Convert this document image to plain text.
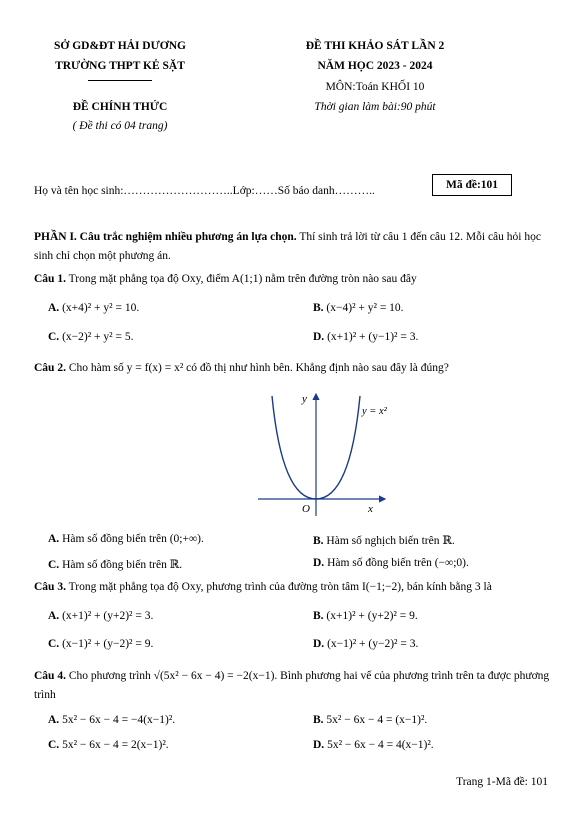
SỞ GD&ĐT HẢI DƯƠNG
TRƯỜNG THPT KẺ SẶT
ĐỀ CHÍNH THỨC
( Đề thi có 04 trang)
ĐỀ THI KHẢO SÁT LẦN 2
NĂM HỌC 2023 - 2024
MÔN:Toán KHỐI 10
Thời gian làm bài:90 phút
Họ và tên học sinh:………………………..Lớp:……Số báo danh………..	Mã đề:101
PHẦN I. Câu trắc nghiệm nhiều phương án lựa chọn. Thí sinh trả lời từ câu 1 đến câu 12. Mỗi câu hỏi học sinh chỉ chọn một phương án.
Câu 1. Trong mặt phẳng tọa độ Oxy, điểm A(1;1) nằm trên đường tròn nào sau đây
A. (x+4)² + y² = 10.	B. (x−4)² + y² = 10.
C. (x−2)² + y² = 5.	D. (x+1)² + (y−1)² = 3.
Câu 2. Cho hàm số y = f(x) = x² có đồ thị như hình bên. Khẳng định nào sau đây là đúng?
O	x
y
y = x²
A. Hàm số đồng biến trên (0;+∞).	B. Hàm số nghịch biến trên ℝ.
C. Hàm số đồng biến trên ℝ.	D. Hàm số đồng biến trên (−∞;0).
Câu 3. Trong mặt phẳng tọa độ Oxy, phương trình của đường tròn tâm I(−1;−2), bán kính bằng 3 là
A. (x+1)² + (y+2)² = 3.	B. (x+1)² + (y+2)² = 9.
C. (x−1)² + (y−2)² = 9.	D. (x−1)² + (y−2)² = 3.
Câu 4. Cho phương trình √(5x² − 6x − 4) = −2(x−1). Bình phương hai vế của phương trình trên ta được phương trình
A. 5x² − 6x − 4 = −4(x−1)².	B. 5x² − 6x − 4 = (x−1)².
C. 5x² − 6x − 4 = 2(x−1)².	D. 5x² − 6x − 4 = 4(x−1)².
Trang 1-Mã đề: 101
